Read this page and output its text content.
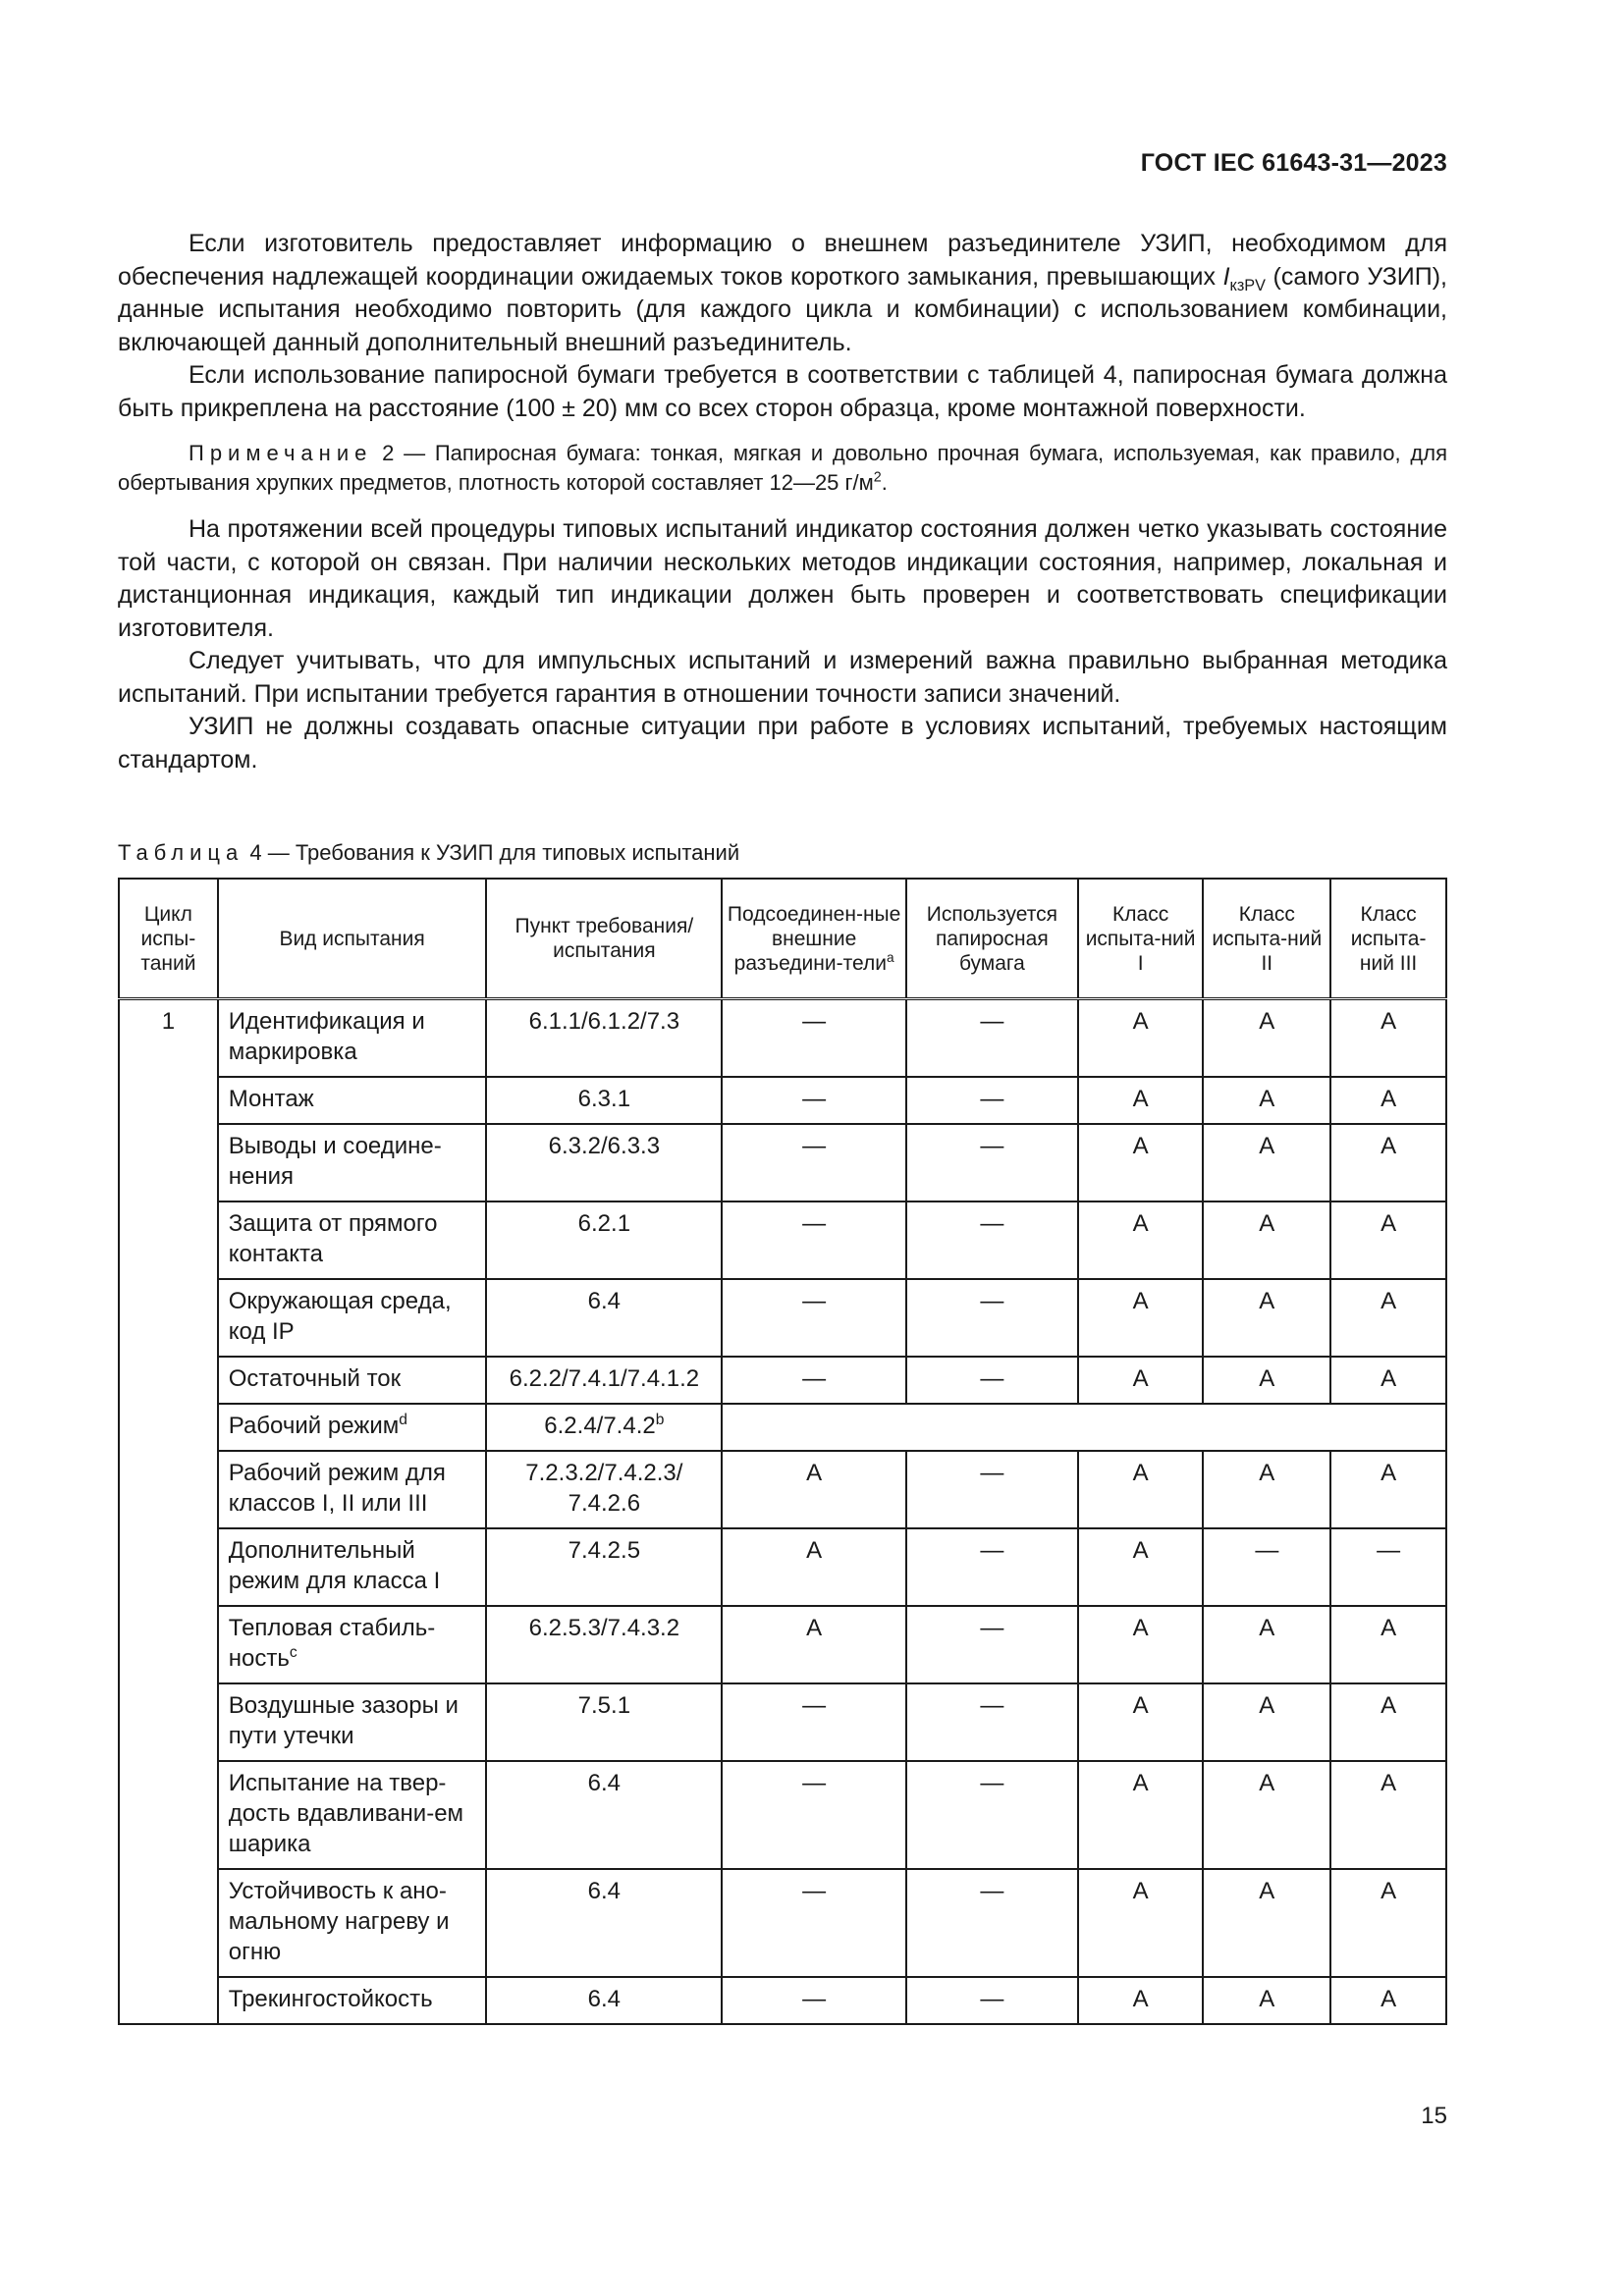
ГОСТ IEC 61643-31—2023

Если изготовитель предоставляет информацию о внешнем разъединителе УЗИП, необходимом для обеспечения надлежащей координации ожидаемых токов короткого замыкания, превышающих $I_{кзPV}$ (самого УЗИП), данные испытания необходимо повторить (для каждого цикла и комбинации) с использованием комбинации, включающей данный дополнительный внешний разъединитель.

Если использование папиросной бумаги требуется в соответствии с таблицей 4, папиросная бумага должна быть прикреплена на расстояние (100 ± 20) мм со всех сторон образца, кроме монтажной поверхности.

Примечание 2 — Папиросная бумага: тонкая, мягкая и довольно прочная бумага, используемая, как правило, для обертывания хрупких предметов, плотность которой составляет 12—25 $г/м^2$.

На протяжении всей процедуры типовых испытаний индикатор состояния должен четко указывать состояние той части, с которой он связан. При наличии нескольких методов индикации состояния, например, локальная и дистанционная индикация, каждый тип индикации должен быть проверен и соответствовать спецификации изготовителя.

Следует учитывать, что для импульсных испытаний и измерений важна правильно выбранная методика испытаний. При испытании требуется гарантия в отношении точности записи значений.

УЗИП не должны создавать опасные ситуации при работе в условиях испытаний, требуемых настоящим стандартом.

Таблица 4 — Требования к УЗИП для типовых испытаний
Цикл испы-таний	Вид испытания	Пункт требования/ испытания	Подсоединен-ные внешние разъедини-тели$^a$	Используется папиросная бумага	Класс испыта-ний I	Класс испыта-ний II	Класс испыта-ний III
1	Идентификация и маркировка	6.1.1/6.1.2/7.3	—	—	A	A	A
	Монтаж	6.3.1	—	—	A	A	A
	Выводы и соедине-нения	6.3.2/6.3.3	—	—	A	A	A
	Защита от прямого контакта	6.2.1	—	—	A	A	A
	Окружающая среда, код IP	6.4	—	—	A	A	A
	Остаточный ток	6.2.2/7.4.1/7.4.1.2	—	—	A	A	A
	Рабочий режим$^d$	6.2.4/7.4.2$^b$	
	Рабочий режим для классов I, II или III	7.2.3.2/7.4.2.3/ 7.4.2.6	A	—	A	A	A
	Дополнительный режим для класса I	7.4.2.5	A	—	A	—	—
	Тепловая стабиль-ность$^c$	6.2.5.3/7.4.3.2	A	—	A	A	A
	Воздушные зазоры и пути утечки	7.5.1	—	—	A	A	A
	Испытание на твер-дость вдавливани-ем шарика	6.4	—	—	A	A	A
	Устойчивость к ано-мальному нагреву и огню	6.4	—	—	A	A	A
	Трекингостойкость	6.4	—	—	A	A	A
15
